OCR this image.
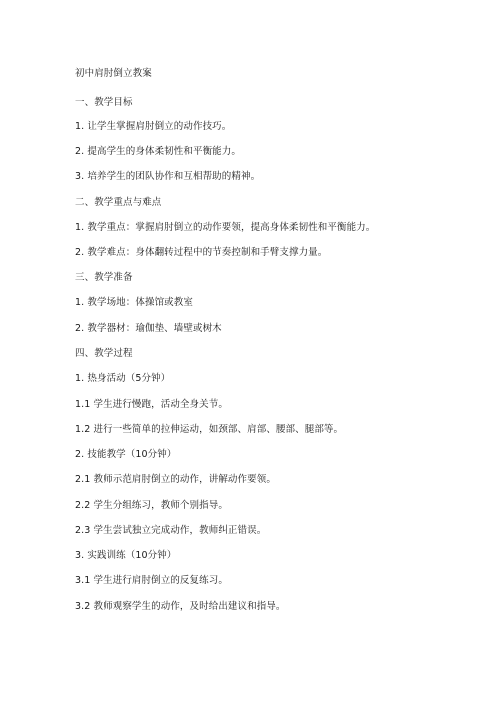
初中肩肘倒立教案
一、教学目标
1. 让学生掌握肩肘倒立的动作技巧。
2. 提高学生的身体柔韧性和平衡能力。
3. 培养学生的团队协作和互相帮助的精神。
二、教学重点与难点
1. 教学重点：掌握肩肘倒立的动作要领，提高身体柔韧性和平衡能力。
2. 教学难点：身体翻转过程中的节奏控制和手臂支撑力量。
三、教学准备
1. 教学场地：体操馆或教室
2. 教学器材：瑜伽垫、墙壁或树木
四、教学过程
1. 热身活动（5分钟）
1.1 学生进行慢跑，活动全身关节。
1.2 进行一些简单的拉伸运动，如颈部、肩部、腰部、腿部等。
2. 技能教学（10分钟）
2.1 教师示范肩肘倒立的动作，讲解动作要领。
2.2 学生分组练习，教师个别指导。
2.3 学生尝试独立完成动作，教师纠正错误。
3. 实践训练（10分钟）
3.1 学生进行肩肘倒立的反复练习。
3.2 教师观察学生的动作，及时给出建议和指导。
